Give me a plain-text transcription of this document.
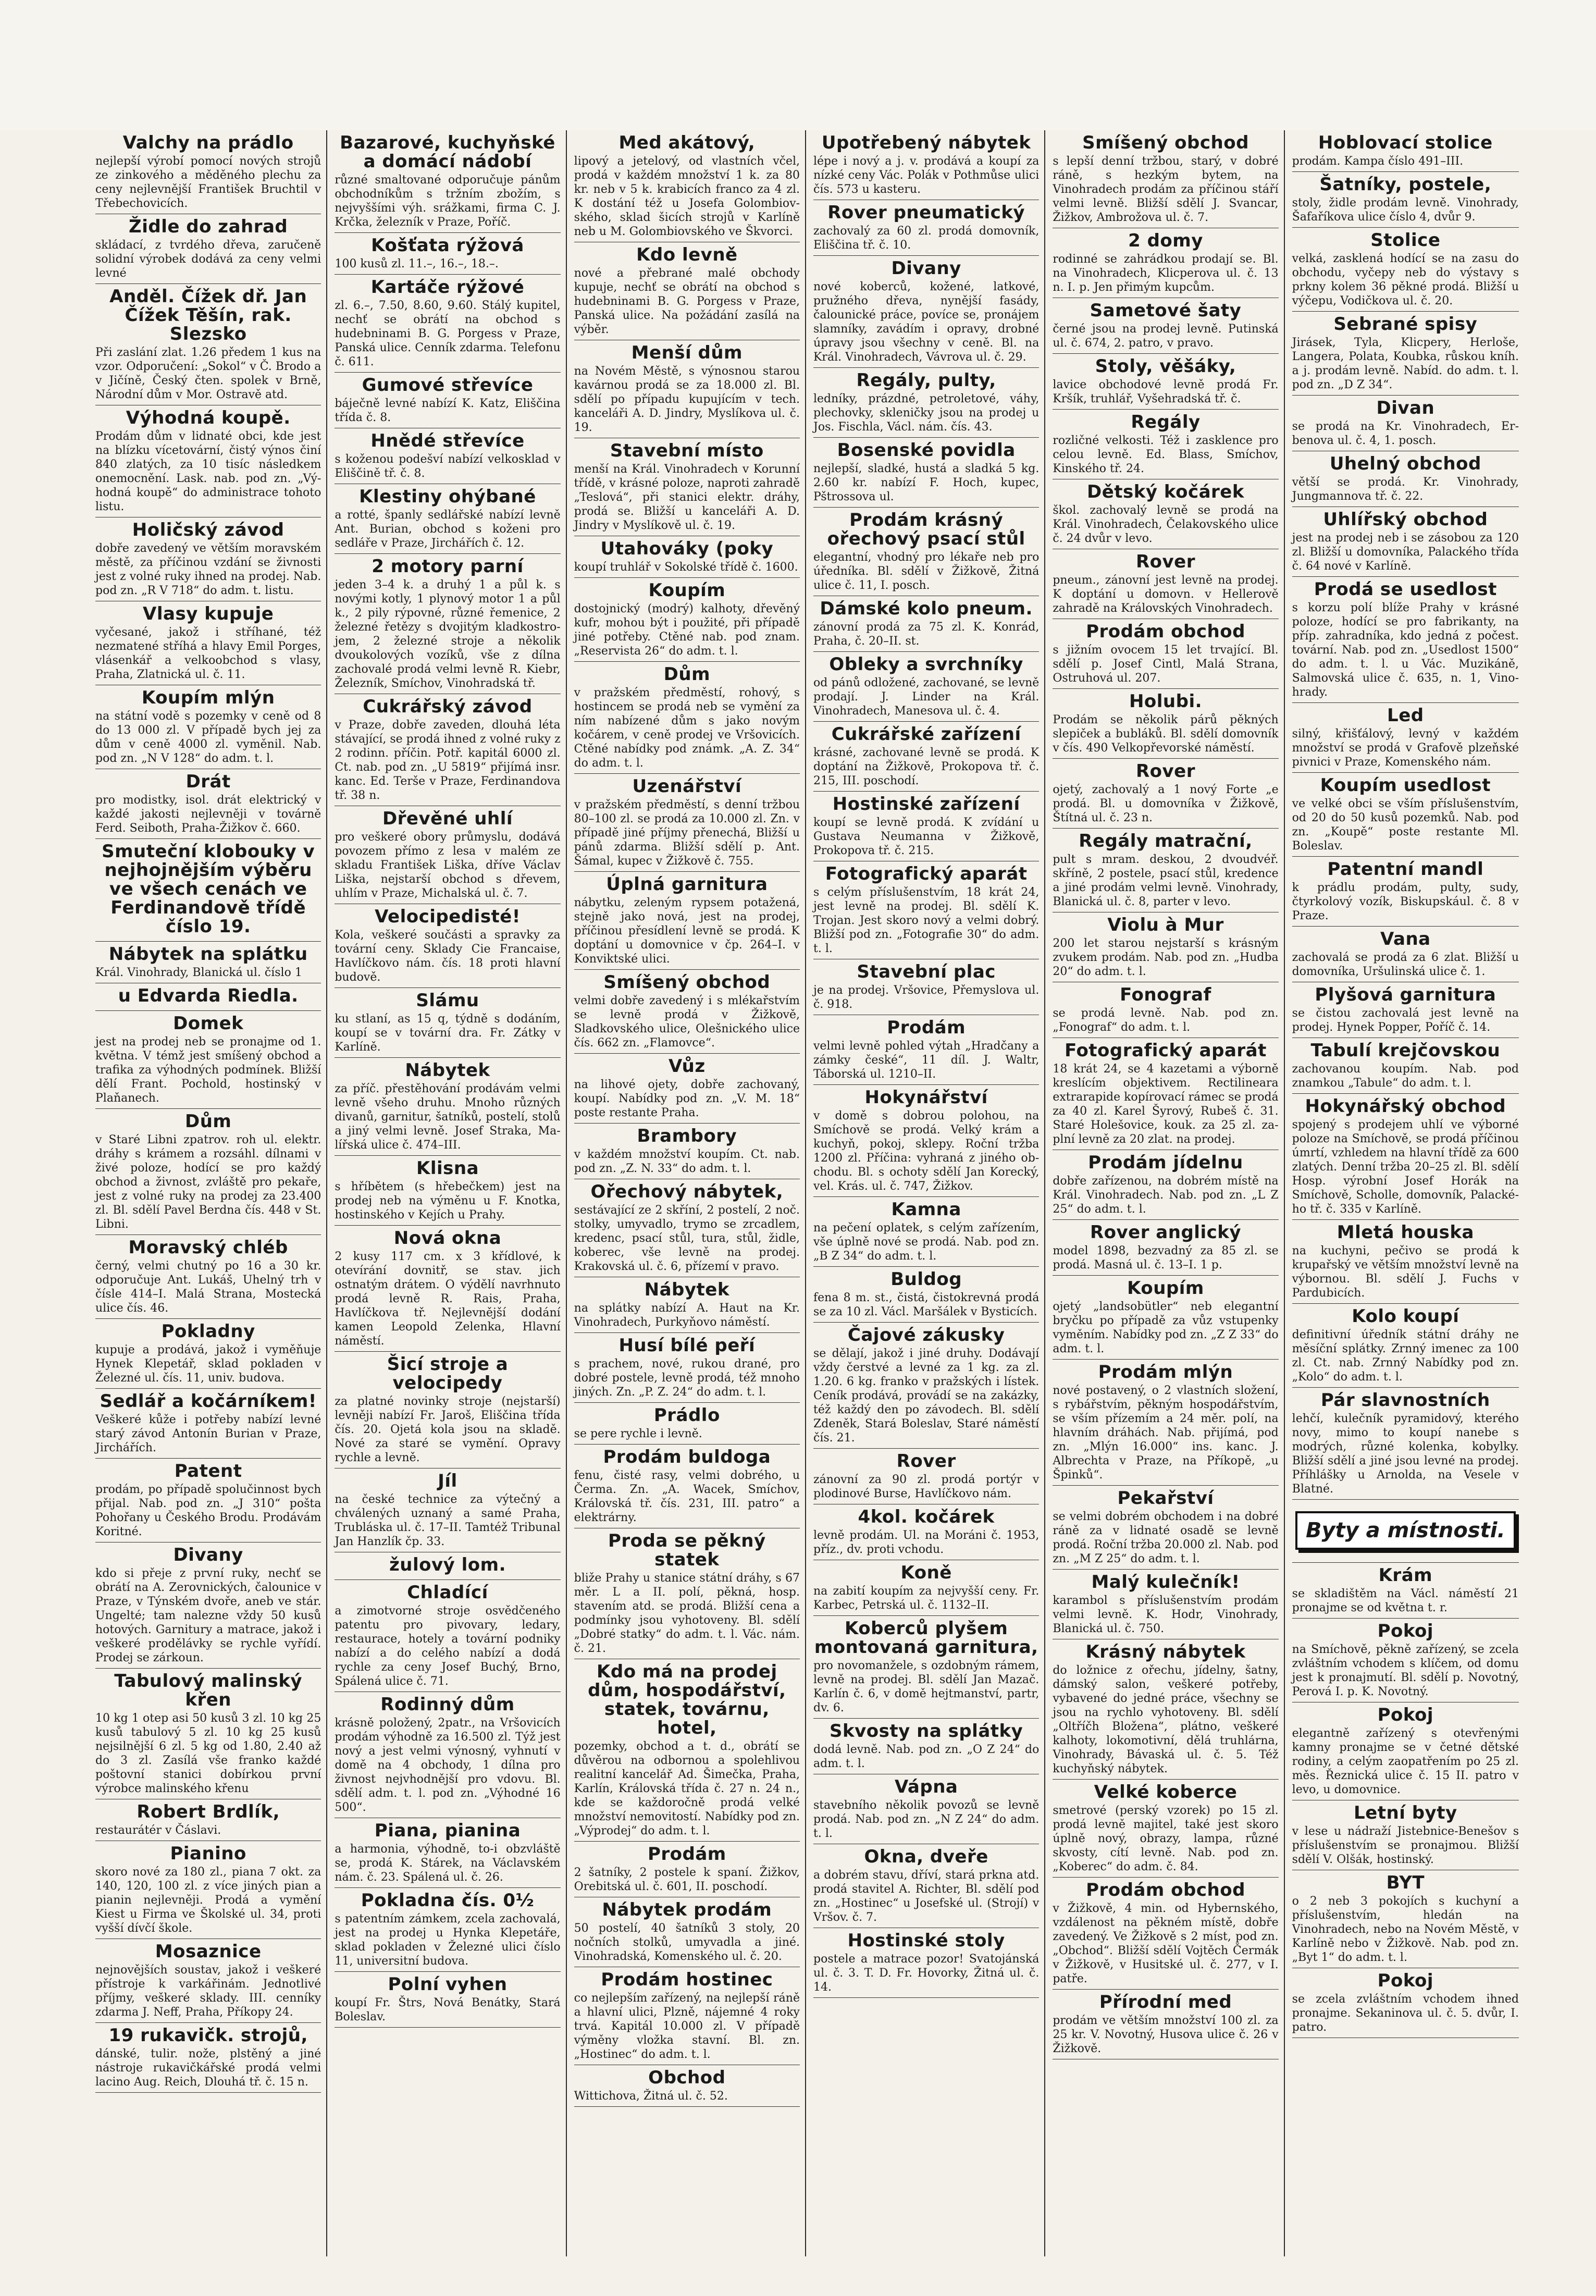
Valchy na prádlo
nejlepší výrobí pomocí nových strojů ze zinkového a měděného plechu za ceny nejlevnější František Bruchtil v Třebechovicích.
Židle do zahrad
skládací, z tvrdého dřeva, zaručeně solidní výrobek dodává za ceny velmi levné
Anděl. Čížek dř. Jan Čížek Těšín, rak. Slezsko
Při zaslání zlat. 1.26 předem 1 kus na vzor. Odporučení: „Sokol“ v Č. Brodo a v Jičíně, Český čten. spolek v Brně, Národní dům v Mor. Ostravě atd.
Výhodná koupě.
Prodám dům v lidnaté obci, kde jest na blízku vícetovární, čistý výnos činí 840 zlatých, za 10 tisíc následkem onemocnění. Lask. nab. pod zn. „Výhodná koupě“ do administrace tohoto listu.
Holičský závod
dobře zavedený ve větším moravském městě, za příčinou vzdání se živnosti jest z volné ruky ihned na prodej. Nab. pod zn. „R V 718“ do adm. t. listu.
Vlasy kupuje
vyčesané, jakož i stříhané, též nezmatené stříhá a hlavy Emil Porges, vlásenkář a velkoobchod s vlasy, Praha, Zlatnická ul. č. 11.
Koupím mlýn
na státní vodě s pozemky v ceně od 8 do 13 000 zl. V případě bych jej za dům v ceně 4000 zl. vyměnil. Nab. pod zn. „N V 128“ do adm. t. l.
Drát
pro modistky, isol. drát elektrický v každé jakosti nejlevněji v továrně Ferd. Seiboth, Praha-Žižkov č. 660.
Smuteční klobouky v nejhojnějším výběru ve všech cenách ve Ferdinandově třídě číslo 19.
Nábytek na splátku
Král. Vinohrady, Blanická ul. číslo 1
u Edvarda Riedla.
Domek
jest na prodej neb se pronajme od 1. května. V témž jest smíšený obchod a trafika za výhodných podmínek. Bližší dělí Frant. Pochold, hostinský v Plaňanech.
Dům
v Staré Libni zpatrov. roh ul. elektr. dráhy s krámem a rozsáhl. dílnami v živé poloze, hodící se pro každý obchod a živnost, zvláště pro pekaře, jest z volné ruky na prodej za 23.400 zl. Bl. sdělí Pavel Berdna čís. 448 v St. Libni.
Moravský chléb
černý, velmi chutný po 16 a 30 kr. odporučuje Ant. Lukáš, Uhelný trh v čísle 414–I. Malá Strana, Mostecká ulice čís. 46.
Pokladny
kupuje a prodává, jakož i vyměňuje Hynek Klepetář, sklad pokladen v Železné ul. čís. 11, univ. budova.
Sedlář a kočárníkem!
Veškeré kůže i potřeby nabízí levné starý závod Antonín Burian v Praze, Jirchářích.
Patent
prodám, po případě spolučinnost bych přijal. Nab. pod zn. „J 310“ pošta Pohořany u Českého Brodu. Prodávám Koritné.
Divany
kdo si přeje z první ruky, nechť se obrátí na A. Zerovnických, čalounice v Praze, v Týnském dvoře, aneb ve stár. Ungelté; tam nalezne vždy 50 kusů hotových. Garnitury a matrace, jakož i veškeré prodělávky se rychle vyřídí. Prodej se zárkoun.
Tabulový malinský křen
10 kg 1 otep asi 50 kusů 3 zl. 10 kg 25 kusů tabulový 5 zl. 10 kg 25 kusů nejsilnější 6 zl. 5 kg od 1.80, 2.40 až do 3 zl. Zasílá vše franko každé poštovní stanici dobírkou první výrobce malinského křenu
Robert Brdlík,
restaurátér v Čáslavi.
Pianino
skoro nové za 180 zl., piana 7 okt. za 140, 120, 100 zl. z více jiných pian a pianin nejlevněji. Prodá a vymění Kiest u Firma ve Školské ul. 34, proti vyšší dívčí škole.
Mosaznice
nejnovějších soustav, jakož i veškeré přístroje k varkářinám. Jednotlivé příjmy, veškeré sklady. III. cenníky zdarma J. Neff, Praha, Příkopy 24.
19 rukavičk. strojů,
dánské, tulir. nože, plstěný a jiné nástroje rukavičkářské prodá velmi lacino Aug. Reich, Dlouhá tř. č. 15 n.
Bazarové, kuchyňské a domácí nádobí
různé smaltované odporučuje pánům obchodníkům s tržním zbožím, s nejvyššími výh. srážkami, firma C. J. Krčka, železník v Praze, Poříč.
Košťata rýžová
100 kusů zl. 11.–, 16.–, 18.–.
Kartáče rýžové
zl. 6.–, 7.50, 8.60, 9.60. Stálý kupitel, nechť se obrátí na obchod s hudebninami B. G. Porgess v Praze, Panská ulice. Cenník zdarma. Telefonu č. 611.
Gumové střevíce
báječně levné nabízí K. Katz, Eliščina třída č. 8.
Hnědé střevíce
s koženou podešví nabízí velkosklad v Eliščině tř. č. 8.
Klestiny ohýbané
a rotté, španly sedlářské nabízí levně Ant. Burian, obchod s koženi pro sedláře v Praze, Jirchářích č. 12.
2 motory parní
jeden 3–4 k. a druhý 1 a půl k. s novými kotly, 1 plynový motor 1 a půl k., 2 pily rýpovné, různé řemenice, 2 železné řetězy s dvojitým kladkostrojem, 2 železné stroje a několik dvoukolových vozíků, vše z dílna zachovalé prodá velmi levně R. Kiebr, Železník, Smíchov, Vinohradská tř.
Cukrářský závod
v Praze, dobře zaveden, dlouhá léta stávající, se prodá ihned z volné ruky z 2 rodinn. příčin. Potř. kapitál 6000 zl. Ct. nab. pod zn. „U 5819“ přijímá insr. kanc. Ed. Terše v Praze, Ferdinandova tř. 38 n.
Dřevěné uhlí
pro veškeré obory průmyslu, dodává povozem přímo z lesa v malém ze skladu František Liška, dříve Václav Liška, nejstarší obchod s dřevem, uhlím v Praze, Michalská ul. č. 7.
Velocipedisté!
Kola, veškeré součásti a spravky za tovární ceny. Sklady Cie Francaise, Havlíčkovo nám. čís. 18 proti hlavní budově.
Slámu
ku stlaní, as 15 q, týdně s dodáním, koupí se v tovární dra. Fr. Zátky v Karlíně.
Nábytek
za příč. přestěhování prodávám velmi levně všeho druhu. Mnoho různých divanů, garnitur, šatníků, postelí, stolů a jiný velmi levně. Josef Straka, Malířská ulice č. 474–III.
Klisna
s hříbětem (s hřebečkem) jest na prodej neb na výměnu u F. Knotka, hostinského v Kejích u Prahy.
Nová okna
2 kusy 117 cm. x 3 křídlové, k otevírání dovnitř, se stav. jich ostnatým drátem. O výdělí navrhnuto prodá levně R. Rais, Praha, Havlíčkova tř. Nejlevnější dodání kamen Leopold Zelenka, Hlavní náměstí.
Šicí stroje a velocipedy
za platné novinky stroje (nejstarší) levněji nabízí Fr. Jaroš, Eliščina třída čís. 20. Ojetá kola jsou na skladě. Nové za staré se vymění. Opravy rychle a levně.
Jíl
na české technice za výtečný a chválených uznaný a samé Praha, Trubláska ul. č. 17–II. Tamtéž Tribunal Jan Hanzlík čp. 33.
žulový lom.
Chladící
a zimotvorné stroje osvědčeného patentu pro pivovary, ledary, restaurace, hotely a tovární podniky nabízí a do celého nabízí a dodá rychle za ceny Josef Buchý, Brno, Spálená ulice č. 71.
Rodinný dům
krásně položený, 2patr., na Vršovicích prodám výhodně za 16.500 zl. Týž jest nový a jest velmi výnosný, vyhnutí v domě na 4 obchody, 1 dílna pro živnost nejvhodnější pro vdovu. Bl. sdělí adm. t. l. pod zn. „Výhodné 16 500“.
Piana, pianina
a harmonia, výhodně, to-i obzvláště se, prodá K. Stárek, na Václavském nám. č. 23. Spálená ul. č. 26.
Pokladna čís. 0½
s patentním zámkem, zcela zachovalá, jest na prodej u Hynka Klepetáře, sklad pokladen v Železné ulici číslo 11, universitní budova.
Polní vyhen
koupí Fr. Štrs, Nová Benátky, Stará Boleslav.
Med akátový,
lipový a jetelový, od vlastních včel, prodá v každém množství 1 k. za 80 kr. neb v 5 k. krabicích franco za 4 zl. K dostání též u Josefa Golombiovského, sklad šicích strojů v Karlíně neb u M. Golombiovského ve Škvorci.
Kdo levně
nové a přebrané malé obchody kupuje, nechť se obrátí na obchod s hudebninami B. G. Porgess v Praze, Panská ulice. Na požádání zasílá na výběr.
Menší dům
na Novém Městě, s výnosnou starou kavárnou prodá se za 18.000 zl. Bl. sdělí po případu kupujícím v tech. kanceláři A. D. Jindry, Myslíkova ul. č. 19.
Stavební místo
menší na Král. Vinohradech v Korunní třídě, v krásné poloze, naproti zahradě „Teslová“, při stanici elektr. dráhy, prodá se. Bližší u kanceláři A. D. Jindry v Myslíkově ul. č. 19.
Utahováky (poky
koupí truhlář v Sokolské třídě č. 1600.
Koupím
dostojnický (modrý) kalhoty, dřevěný kufr, mohou být i použité, při případě jiné potřeby. Ctěné nab. pod znam. „Reservista 26“ do adm. t. l.
Dům
v pražském předměstí, rohový, s hostincem se prodá neb se vymění za ním nabízené dům s jako novým kočárem, v ceně prodej ve Vršovicích. Ctěné nabídky pod známk. „A. Z. 34“ do adm. t. l.
Uzenářství
v pražském předměstí, s denní tržbou 80–100 zl. se prodá za 10.000 zl. Zn. v případě jiné příjmy přenechá, Bližší u pánů zdarma. Bližší sdělí p. Ant. Šámal, kupec v Žižkově č. 755.
Úplná garnitura
nábytku, zeleným rypsem potažená, stejně jako nová, jest na prodej, příčinou přesídlení levně se prodá. K doptání u domovnice v čp. 264–I. v Konviktské ulici.
Smíšený obchod
velmi dobře zavedený i s mlékařstvím se levně prodá v Žižkově, Sladkovského ulice, Olešnického ulice čís. 662 zn. „Flamovce“.
Vůz
na lihové ojety, dobře zachovaný, koupí. Nabídky pod zn. „V. M. 18“ poste restante Praha.
Brambory
v každém množství koupím. Ct. nab. pod zn. „Z. N. 33“ do adm. t. l.
Ořechový nábytek,
sestávající ze 2 skříní, 2 postelí, 2 noč. stolky, umyvadlo, trymo se zrcadlem, kredenc, psací stůl, tura, stůl, židle, koberec, vše levně na prodej. Krakovská ul. č. 6, přízemí v pravo.
Nábytek
na splátky nabízí A. Haut na Kr. Vinohradech, Purkyňovo náměstí.
Husí bílé peří
s prachem, nové, rukou drané, pro dobré postele, levně prodá, též mnoho jiných. Zn. „P. Z. 24“ do adm. t. l.
Prádlo
se pere rychle i levně.
Prodám buldoga
fenu, čisté rasy, velmi dobrého, u Čerma. Zn. „A. Wacek, Smíchov, Královská tř. čís. 231, III. patro“ a elektrárny.
Proda se pěkný statek
bliže Prahy u stanice státní dráhy, s 67 měr. L a II. polí, pěkná, hosp. stavením atd. se prodá. Bližší cena a podmínky jsou vyhotoveny. Bl. sdělí „Dobré statky“ do adm. t. l. Vác. nám. č. 21.
Kdo má na prodej dům, hospodářství, statek, továrnu, hotel,
pozemky, obchod a t. d., obrátí se důvěrou na odbornou a spolehlivou realitní kancelář Ad. Šimečka, Praha, Karlín, Královská třída č. 27 n. 24 n., kde se každoročně prodá velké množství nemovitostí. Nabídky pod zn. „Výprodej“ do adm. t. l.
Prodám
2 šatníky, 2 postele k spaní. Žižkov, Orebitská ul. č. 601, II. poschodí.
Nábytek prodám
50 postelí, 40 šatníků 3 stoly, 20 nočních stolků, umyvadla a jiné. Vinohradská, Komenského ul. č. 20.
Prodám hostinec
co nejlepším zařízený, na nejlepší ráně a hlavní ulici, Plzně, nájemné 4 roky trvá. Kapitál 10.000 zl. V případě výměny vložka stavní. Bl. zn. „Hostinec“ do adm. t. l.
Obchod
Wittichova, Žitná ul. č. 52.
Upotřebený nábytek
lépe i nový a j. v. prodává a koupí za nízké ceny Vác. Polák v Pothmůse ulici čís. 573 u kasteru.
Rover pneumatický
zachovalý za 60 zl. prodá domovník, Eliščina tř. č. 10.
Divany
nové koberců, kožené, latkové, pružného dřeva, nynější fasády, čalounické práce, povíce se, pronájem slamníky, zavádím i opravy, drobné úpravy jsou všechny v ceně. Bl. na Král. Vinohradech, Vávrova ul. č. 29.
Regály, pulty,
ledníky, prázdné, petroletové, váhy, plechovky, skleničky jsou na prodej u Jos. Fischla, Václ. nám. čís. 43.
Bosenské povidla
nejlepší, sladké, hustá a sladká 5 kg. 2.60 kr. nabízí F. Hoch, kupec, Pštrossova ul.
Prodám krásný ořechový psací stůl
elegantní, vhodný pro lékaře neb pro úředníka. Bl. sdělí v Žižkově, Žitná ulice č. 11, I. posch.
Dámské kolo pneum.
zánovní prodá za 75 zl. K. Konrád, Praha, č. 20–II. st.
Obleky a svrchníky
od pánů odložené, zachované, se levně prodají. J. Linder na Král. Vinohradech, Manesova ul. č. 4.
Cukrářské zařízení
krásné, zachované levně se prodá. K doptání na Žižkově, Prokopova tř. č. 215, III. poschodí.
Hostinské zařízení
koupí se levně prodá. K zvídání u Gustava Neumanna v Žižkově, Prokopova tř. č. 215.
Fotografický aparát
s celým příslušenstvím, 18 krát 24, jest levně na prodej. Bl. sdělí K. Trojan. Jest skoro nový a velmi dobrý. Bližší pod zn. „Fotografie 30“ do adm. t. l.
Stavební plac
je na prodej. Vršovice, Přemyslova ul. č. 918.
Prodám
velmi levně pohled výtah „Hradčany a zámky české“, 11 díl. J. Waltr, Táborská ul. 1210–II.
Hokynářství
v domě s dobrou polohou, na Smíchově se prodá. Velký krám a kuchyň, pokoj, sklepy. Roční tržba 1200 zl. Příčina: vyhraná z jiného obchodu. Bl. s ochoty sdělí Jan Korecký, vel. Krás. ul. č. 747, Žižkov.
Kamna
na pečení oplatek, s celým zařízením, vše úplně nové se prodá. Nab. pod zn. „B Z 34“ do adm. t. l.
Buldog
fena 8 m. st., čistá, čistokrevná prodá se za 10 zl. Václ. Maršálek v Bysticích.
Čajové zákusky
se dělají, jakož i jiné druhy. Dodávají vždy čerstvé a levné za 1 kg. za zl. 1.20. 6 kg. franko v pražských i lístek. Ceník prodává, provádí se na zakázky, též každý den po závodech. Bl. sdělí Zdeněk, Stará Boleslav, Staré náměstí čís. 21.
Rover
zánovní za 90 zl. prodá portýr v plodinové Burse, Havlíčkovo nám.
4kol. kočárek
levně prodám. Ul. na Moráni č. 1953, příz., dv. proti vchodu.
Koně
na zabití koupím za nejvyšší ceny. Fr. Karbec, Petrská ul. č. 1132–II.
Koberců plyšem montovaná garnitura,
pro novomanžele, s ozdobným rámem, levně na prodej. Bl. sdělí Jan Mazač. Karlín č. 6, v domě hejtmanství, partr, dv. 6.
Skvosty na splátky
dodá levně. Nab. pod zn. „O Z 24“ do adm. t. l.
Vápna
stavebního několik povozů se levně prodá. Nab. pod zn. „N Z 24“ do adm. t. l.
Okna, dveře
a dobrém stavu, dříví, stará prkna atd. prodá stavitel A. Richter, Bl. sdělí pod zn. „Hostinec“ u Josefské ul. (Strojí) v Vršov. č. 7.
Hostinské stoly
postele a matrace pozor! Svatojánská ul. č. 3. T. D. Fr. Hovorky, Žitná ul. č. 14.
Smíšený obchod
s lepší denní tržbou, starý, v dobré ráně, s hezkým bytem, na Vinohradech prodám za příčinou stáří velmi levně. Bližší sdělí J. Svancar, Žižkov, Ambrožova ul. č. 7.
2 domy
rodinné se zahrádkou prodají se. Bl. na Vinohradech, Klicperova ul. č. 13 n. I. p. Jen přimým kupcům.
Sametové šaty
černé jsou na prodej levně. Putinská ul. č. 674, 2. patro, v pravo.
Stoly, věšáky,
lavice obchodové levně prodá Fr. Kršík, truhlář, Vyšehradská tř. č.
Regály
rozličné velkosti. Též i zasklence pro celou levně. Ed. Blass, Smíchov, Kinského tř. 24.
Dětský kočárek
škol. zachovalý levně se prodá na Král. Vinohradech, Čelakovského ulice č. 24 dvůr v levo.
Rover
pneum., zánovní jest levně na prodej. K doptání u domovn. v Hellerově zahradě na Královských Vinohradech.
Prodám obchod
s jižním ovocem 15 let trvající. Bl. sdělí p. Josef Cintl, Malá Strana, Ostruhová ul. 207.
Holubi.
Prodám se několik párů pěkných slepiček a bubláků. Bl. sdělí domovník v čís. 490 Velkopřevorské náměstí.
Rover
ojetý, zachovalý a 1 nový Forte „e prodá. Bl. u domovníka v Žižkově, Štítná ul. č. 23 n.
Regály matrační,
pult s mram. deskou, 2 dvoudvéř. skříně, 2 postele, psací stůl, kredence a jiné prodám velmi levně. Vinohrady, Blanická ul. č. 8, parter v levo.
Violu à Mur
200 let starou nejstarší s krásným zvukem prodám. Nab. pod zn. „Hudba 20“ do adm. t. l.
Fonograf
se prodá levně. Nab. pod zn. „Fonograf“ do adm. t. l.
Fotografický aparát
18 krát 24, se 4 kazetami a výborně kreslícím objektivem. Rectilineara extrarapide kopírovací rámec se prodá za 40 zl. Karel Šyrový, Rubeš č. 31. Staré Holešovice, kouk. za 25 zl. zaplní levně za 20 zlat. na prodej.
Prodám jídelnu
dobře zařízenou, na dobrém místě na Král. Vinohradech. Nab. pod zn. „L Z 25“ do adm. t. l.
Rover anglický
model 1898, bezvadný za 85 zl. se prodá. Masná ul. č. 13–I. 1 p.
Koupím
ojetý „landsobütler“ neb elegantní bryčku po případě za vůz vstupenky vyměním. Nabídky pod zn. „Z Z 33“ do adm. t. l.
Prodám mlýn
nové postavený, o 2 vlastních složení, s rybářstvím, pěkným hospodářstvím, se vším přízemím a 24 měr. polí, na hlavním dráhách. Nab. přijímá, pod zn. „Mlýn 16.000“ ins. kanc. J. Albrechta v Praze, na Příkopě, „u Špinků“.
Pekařství
se velmi dobrém obchodem i na dobré ráně za v lidnaté osadě se levně prodá. Roční tržba 20.000 zl. Nab. pod zn. „M Z 25“ do adm. t. l.
Malý kulečník!
karambol s příslušenstvím prodám velmi levně. K. Hodr, Vinohrady, Blanická ul. č. 750.
Krásný nábytek
do ložnice z ořechu, jídelny, šatny, dámský salon, veškeré potřeby, vybavené do jedné práce, všechny se jsou na rychlo vyhotoveny. Bl. sdělí „Oltříčh Bložena“, plátno, veškeré kalhoty, lokomotivní, dělá truhlárna, Vinohrady, Bávaská ul. č. 5. Též kuchyňský nábytek.
Velké koberce
smetrové (perský vzorek) po 15 zl. prodá levně majitel, také jest skoro úplně nový, obrazy, lampa, různé skvosty, cítí levně. Nab. pod zn. „Koberec“ do adm. č. 84.
Prodám obchod
v Žižkově, 4 min. od Hybernského, vzdálenost na pěkném místě, dobře zavedený. Ve Žižkově s 2 míst, pod zn. „Obchod“. Bližší sdělí Vojtěch Čermák v Žižkově, v Husitské ul. č. 277, v I. patře.
Přírodní med
prodám ve větším množství 100 zl. za 25 kr. V. Novotný, Husova ulice č. 26 v Žižkově.
Hoblovací stolice
prodám. Kampa číslo 491–III.
Šatníky, postele,
stoly, židle prodám levně. Vinohrady, Šafaříkova ulice číslo 4, dvůr 9.
Stolice
velká, zasklená hodící se na zasu do obchodu, vyčepy neb do výstavy s prkny kolem 36 pěkné prodá. Bližší u výčepu, Vodičkova ul. č. 20.
Sebrané spisy
Jirásek, Tyla, Klicpery, Herloše, Langera, Polata, Koubka, růskou kníh. a j. prodám levně. Nabíd. do adm. t. l. pod zn. „D Z 34“.
Divan
se prodá na Kr. Vinohradech, Erbenova ul. č. 4, 1. posch.
Uhelný obchod
větší se prodá. Kr. Vinohrady, Jungmannova tř. č. 22.
Uhlířský obchod
jest na prodej neb i se zásobou za 120 zl. Bližší u domovníka, Palackého třída č. 64 nové v Karlíně.
Prodá se usedlost
s korzu polí blíže Prahy v krásné poloze, hodící se pro fabrikanty, na příp. zahradníka, kdo jedná z počest. tovární. Nab. pod zn. „Usedlost 1500“ do adm. t. l. u Vác. Muzikáně, Salmovská ulice č. 635, n. 1, Vinohrady.
Led
silný, křišťálový, levný v každém množství se prodá v Grafově plzeňské pivnici v Praze, Komenského nám.
Koupím usedlost
ve velké obci se vším příslušenstvím, od 20 do 50 kusů pozemků. Nab. pod zn. „Koupě“ poste restante Ml. Boleslav.
Patentní mandl
k prádlu prodám, pulty, sudy, čtyrkolový vozík, Biskupskául. č. 8 v Praze.
Vana
zachovalá se prodá za 6 zlat. Bližší u domovníka, Uršulinská ulice č. 1.
Plyšová garnitura
se čistou zachovalá jest levně na prodej. Hynek Popper, Poříč č. 14.
Tabulí krejčovskou
zachovanou koupím. Nab. pod znamkou „Tabule“ do adm. t. l.
Hokynářský obchod
spojený s prodejem uhlí ve výborné poloze na Smíchově, se prodá příčinou úmrtí, vzhledem na hlavní třídě za 600 zlatých. Denní tržba 20–25 zl. Bl. sdělí Hosp. výrobní Josef Horák na Smíchově, Scholle, domovník, Palackého tř. č. 335 v Karlíně.
Mletá houska
na kuchyni, pečivo se prodá k krupařský ve větším množství levně na výbornou. Bl. sdělí J. Fuchs v Pardubicích.
Kolo koupí
definitivní úředník státní dráhy ne měsíční splátky. Zrnný imenec za 100 zl. Ct. nab. Zrnný Nabídky pod zn. „Kolo“ do adm. t. l.
Pár slavnostních
lehčí, kulečník pyramidový, kterého novy, mimo to koupí nanebe s modrých, různé kolenka, kobylky. Bližší sdělí a jiné jsou levné na prodej. Příhlášky u Arnolda, na Vesele v Blatné.
Byty a místnosti.
Krám
se skladištěm na Václ. náměstí 21 pronajme se od května t. r.
Pokoj
na Smíchově, pěkně zařízený, se zcela zvláštním vchodem s klíčem, od domu jest k pronajmutí. Bl. sdělí p. Novotný, Perová I. p. K. Novotný.
Pokoj
elegantně zařízený s otevřenými kamny pronajme se v četné dětské rodiny, a celým zaopatřením po 25 zl. měs. Řeznická ulice č. 15 II. patro v levo, u domovnice.
Letní byty
v lese u nádraží Jistebnice-Benešov s příslušenstvím se pronajmou. Bližší sdělí V. Olšák, hostinský.
BYT
o 2 neb 3 pokojích s kuchyní a příslušenstvím, hledán na Vinohradech, nebo na Novém Městě, v Karlíně nebo v Žižkově. Nab. pod zn. „Byt 1“ do adm. t. l.
Pokoj
se zcela zvláštním vchodem ihned pronajme. Sekaninova ul. č. 5. dvůr, I. patro.
